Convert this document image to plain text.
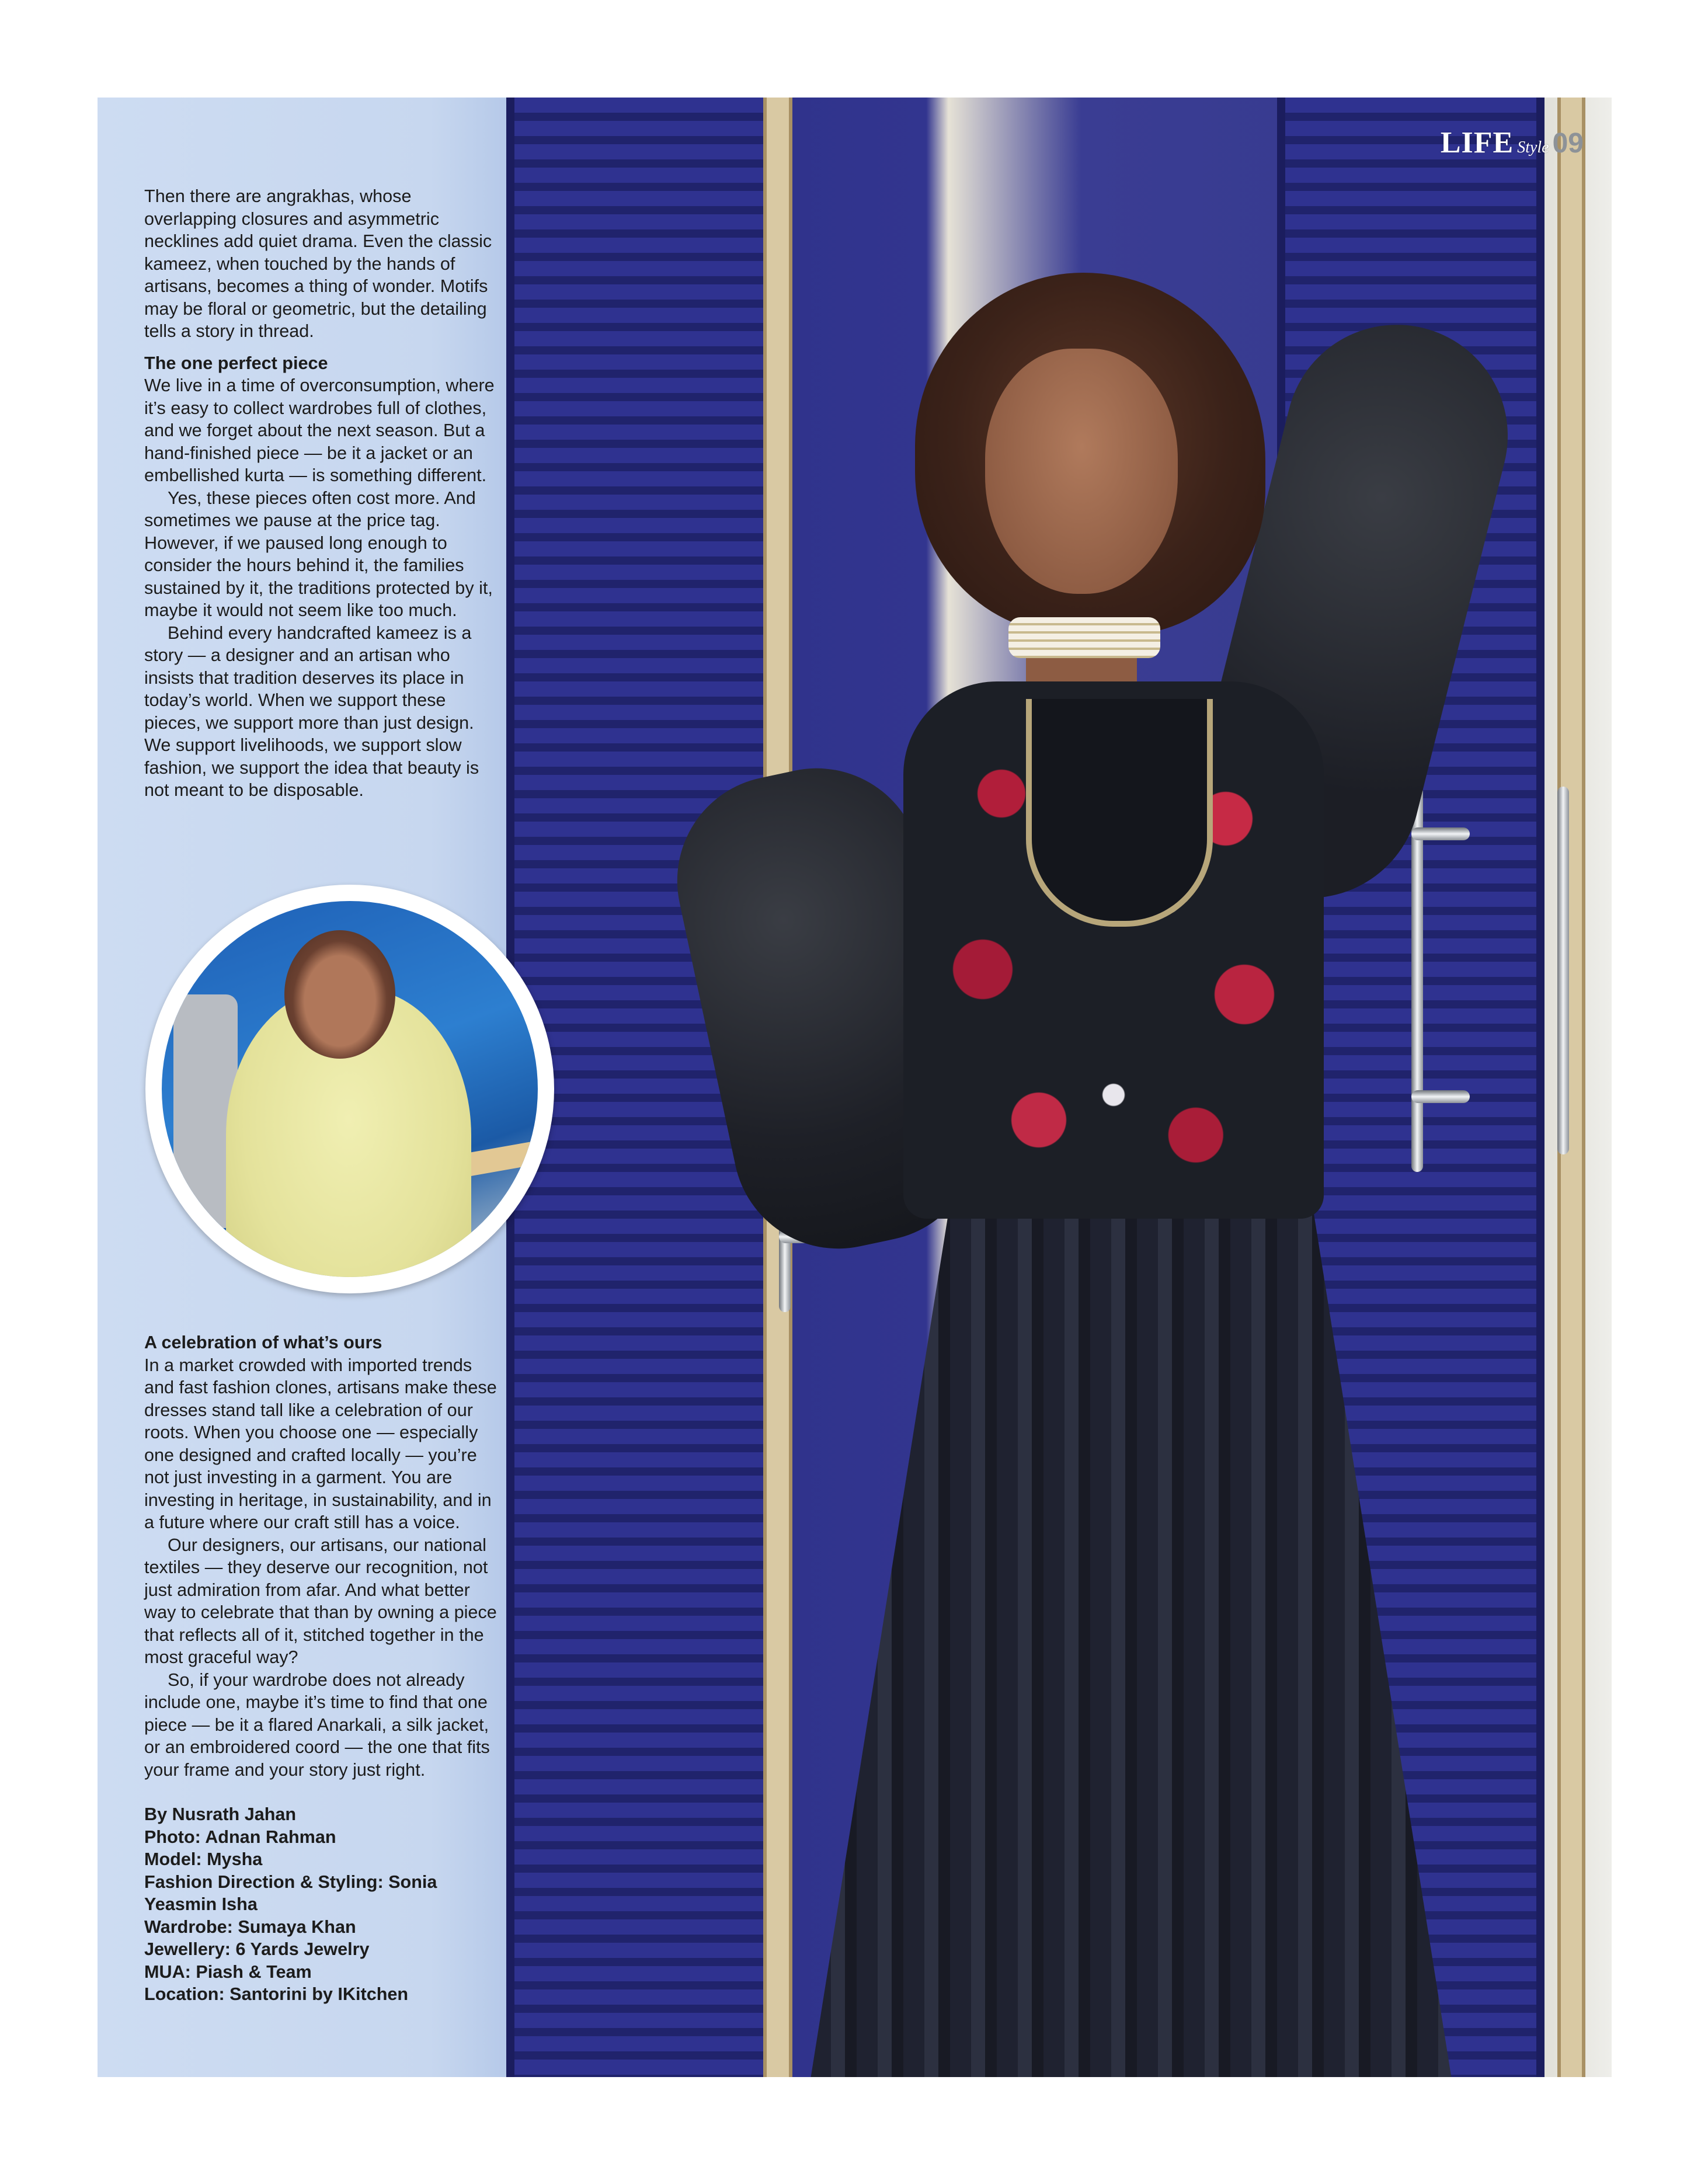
LIFE Style 09

Then there are angrakhas, whose overlapping closures and asymmetric necklines add quiet drama. Even the classic kameez, when touched by the hands of artisans, becomes a thing of wonder. Motifs may be floral or geometric, but the detailing tells a story in thread.

The one perfect piece

We live in a time of overconsumption, where it’s easy to collect wardrobes full of clothes, and we forget about the next season. But a hand-finished piece — be it a jacket or an embellished kurta — is something different.

Yes, these pieces often cost more. And sometimes we pause at the price tag. However, if we paused long enough to consider the hours behind it, the families sustained by it, the traditions protected by it, maybe it would not seem like too much.

Behind every handcrafted kameez is a story — a designer and an artisan who insists that tradition deserves its place in today’s world. When we support these pieces, we support more than just design. We support livelihoods, we support slow fashion, we support the idea that beauty is not meant to be disposable.

A celebration of what’s ours

In a market crowded with imported trends and fast fashion clones, artisans make these dresses stand tall like a celebration of our roots. When you choose one — especially one designed and crafted locally — you’re not just investing in a garment. You are investing in heritage, in sustainability, and in a future where our craft still has a voice.

Our designers, our artisans, our national textiles — they deserve our recognition, not just admiration from afar. And what better way to celebrate that than by owning a piece that reflects all of it, stitched together in the most graceful way?

So, if your wardrobe does not already include one, maybe it’s time to find that one piece — be it a flared Anarkali, a silk jacket, or an embroidered coord — the one that fits your frame and your story just right.

By Nusrath Jahan
Photo: Adnan Rahman
Model: Mysha
Fashion Direction & Styling: Sonia Yeasmin Isha
Wardrobe: Sumaya Khan
Jewellery: 6 Yards Jewelry
MUA: Piash & Team
Location: Santorini by IKitchen
